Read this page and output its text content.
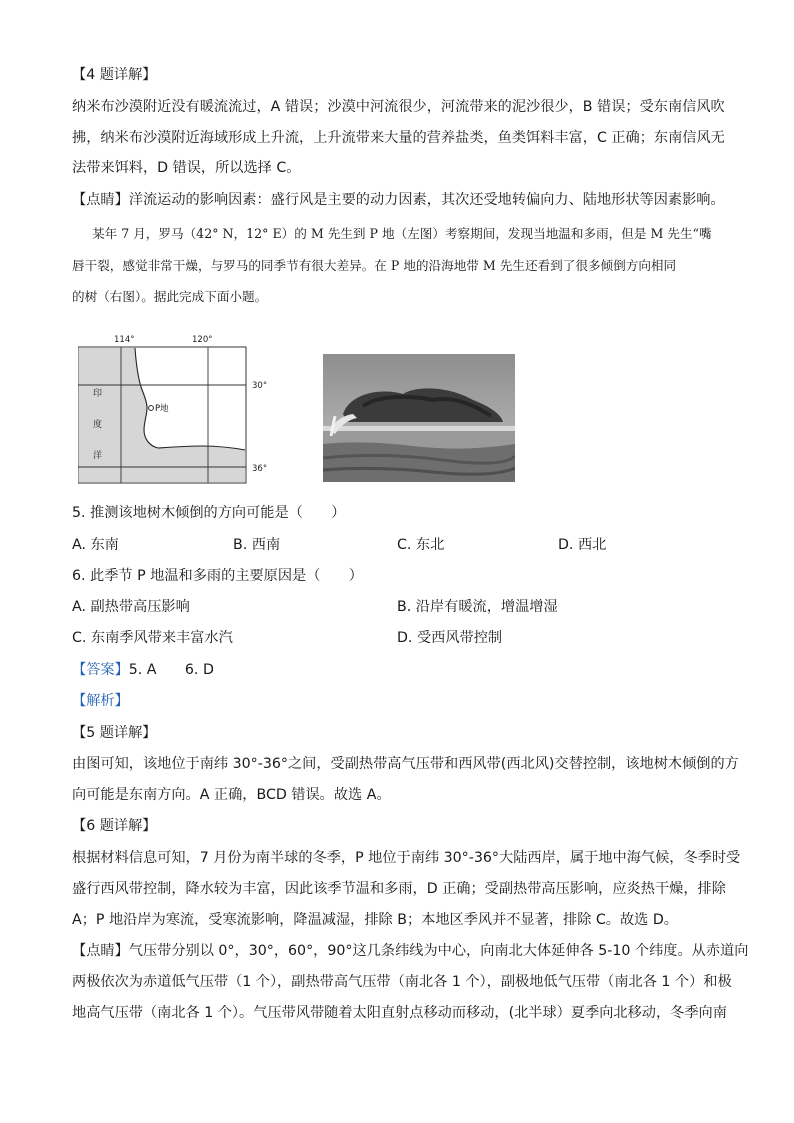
【4 题详解】
纳米布沙漠附近没有暖流流过，A 错误；沙漠中河流很少，河流带来的泥沙很少，B 错误；受东南信风吹
拂，纳米布沙漠附近海域形成上升流，上升流带来大量的营养盐类，鱼类饵料丰富，C 正确；东南信风无
法带来饵料，D 错误，所以选择 C。
【点睛】洋流运动的影响因素：盛行风是主要的动力因素，其次还受地转偏向力、陆地形状等因素影响。
某年 7 月，罗马（42° N，12° E）的 M 先生到 P 地（左图）考察期间，发现当地温和多雨，但是 M 先生“嘴
唇干裂，感觉非常干燥，与罗马的同季节有很大差异。在 P 地的沿海地带 M 先生还看到了很多倾倒方向相同
的树（右图）。据此完成下面小题。
114°	120°
30°
36°
印
度
洋
P地
5. 推测该地树木倾倒的方向可能是（　　）
A. 东南	B. 西南	C. 东北	D. 西北
6. 此季节 P 地温和多雨的主要原因是（　　）
A. 副热带高压影响	B. 沿岸有暖流，增温增湿
C. 东南季风带来丰富水汽	D. 受西风带控制
【答案】5. A　　6. D
【解析】
【5 题详解】
由图可知，该地位于南纬 30°-36°之间，受副热带高气压带和西风带(西北风)交替控制，该地树木倾倒的方
向可能是东南方向。A 正确，BCD 错误。故选 A。
【6 题详解】
根据材料信息可知，7 月份为南半球的冬季，P 地位于南纬 30°-36°大陆西岸，属于地中海气候，冬季时受
盛行西风带控制，降水较为丰富，因此该季节温和多雨，D 正确；受副热带高压影响，应炎热干燥，排除
A；P 地沿岸为寒流，受寒流影响，降温减湿，排除 B；本地区季风并不显著，排除 C。故选 D。
【点睛】气压带分别以 0°，30°，60°，90°这几条纬线为中心，向南北大体延伸各 5-10 个纬度。从赤道向
两极依次为赤道低气压带（1 个），副热带高气压带（南北各 1 个），副极地低气压带（南北各 1 个）和极
地高气压带（南北各 1 个）。气压带风带随着太阳直射点移动而移动，(北半球）夏季向北移动，冬季向南
